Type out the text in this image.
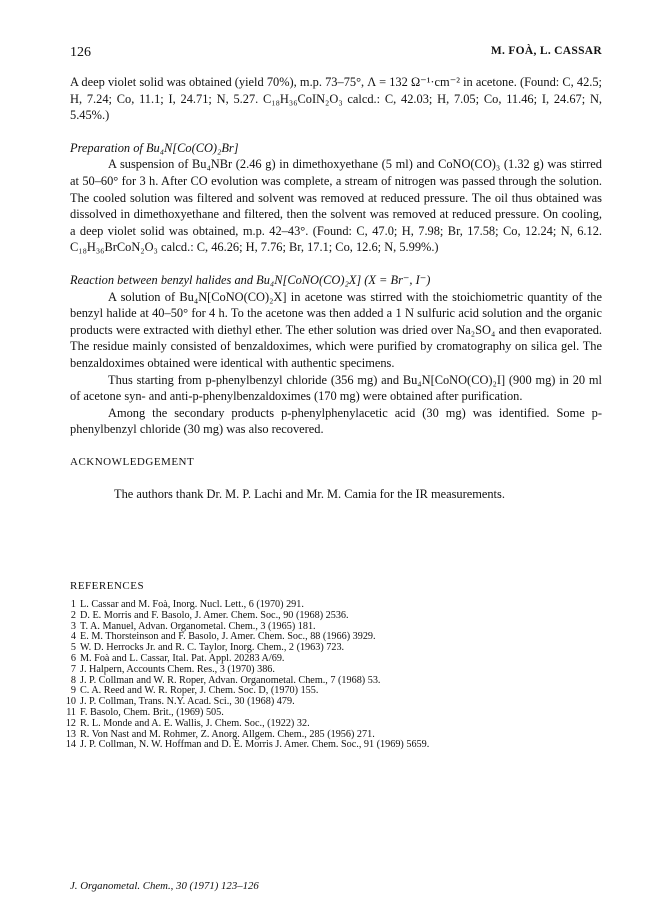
126	M. FOÀ, L. CASSAR

A deep violet solid was obtained (yield 70%), m.p. 73–75°, Λ = 132 Ω⁻¹·cm⁻² in acetone. (Found: C, 42.5; H, 7.24; Co, 11.1; I, 24.71; N, 5.27. C₁₈H₃₆CoIN₂O₃ calcd.: C, 42.03; H, 7.05; Co, 11.46; I, 24.67; N, 5.45%.)

Preparation of Bu₄N[Co(CO)₂Br]

A suspension of Bu₄NBr (2.46 g) in dimethoxyethane (5 ml) and CoNO(CO)₃ (1.32 g) was stirred at 50–60° for 3 h. After CO evolution was complete, a stream of nitrogen was passed through the solution. The cooled solution was filtered and solvent was removed at reduced pressure. The oil thus obtained was dissolved in dimethoxyethane and filtered, then the solvent was removed at reduced pressure. On cooling, a deep violet solid was obtained, m.p. 42–43°. (Found: C, 47.0; H, 7.98; Br, 17.58; Co, 12.24; N, 6.12. C₁₈H₃₆BrCoN₂O₃ calcd.: C, 46.26; H, 7.76; Br, 17.1; Co, 12.6; N, 5.99%.)

Reaction between benzyl halides and Bu₄N[CoNO(CO)₂X] (X = Br⁻, I⁻)

A solution of Bu₄N[CoNO(CO)₂X] in acetone was stirred with the stoichiometric quantity of the benzyl halide at 40–50° for 4 h. To the acetone was then added a 1 N sulfuric acid solution and the organic products were extracted with diethyl ether. The ether solution was dried over Na₂SO₄ and then evaporated. The residue mainly consisted of benzaldoximes, which were purified by cromatography on silica gel. The benzaldoximes obtained were identical with authentic specimens.

Thus starting from p-phenylbenzyl chloride (356 mg) and Bu₄N[CoNO(CO)₂I] (900 mg) in 20 ml of acetone syn- and anti-p-phenylbenzaldoximes (170 mg) were obtained after purification.

Among the secondary products p-phenylphenylacetic acid (30 mg) was identified. Some p-phenylbenzyl chloride (30 mg) was also recovered.

ACKNOWLEDGEMENT

The authors thank Dr. M. P. Lachi and Mr. M. Camia for the IR measurements.

REFERENCES
1 L. Cassar and M. Foà, Inorg. Nucl. Lett., 6 (1970) 291.
2 D. E. Morris and F. Basolo, J. Amer. Chem. Soc., 90 (1968) 2536.
3 T. A. Manuel, Advan. Organometal. Chem., 3 (1965) 181.
4 E. M. Thorsteinson and F. Basolo, J. Amer. Chem. Soc., 88 (1966) 3929.
5 W. D. Herrocks Jr. and R. C. Taylor, Inorg. Chem., 2 (1963) 723.
6 M. Foà and L. Cassar, Ital. Pat. Appl. 20283 A/69.
7 J. Halpern, Accounts Chem. Res., 3 (1970) 386.
8 J. P. Collman and W. R. Roper, Advan. Organometal. Chem., 7 (1968) 53.
9 C. A. Reed and W. R. Roper, J. Chem. Soc. D, (1970) 155.
10 J. P. Collman, Trans. N.Y. Acad. Sci., 30 (1968) 479.
11 F. Basolo, Chem. Brit., (1969) 505.
12 R. L. Monde and A. E. Wallis, J. Chem. Soc., (1922) 32.
13 R. Von Nast and M. Rohmer, Z. Anorg. Allgem. Chem., 285 (1956) 271.
14 J. P. Collman, N. W. Hoffman and D. E. Morris J. Amer. Chem. Soc., 91 (1969) 5659.
J. Organometal. Chem., 30 (1971) 123–126
